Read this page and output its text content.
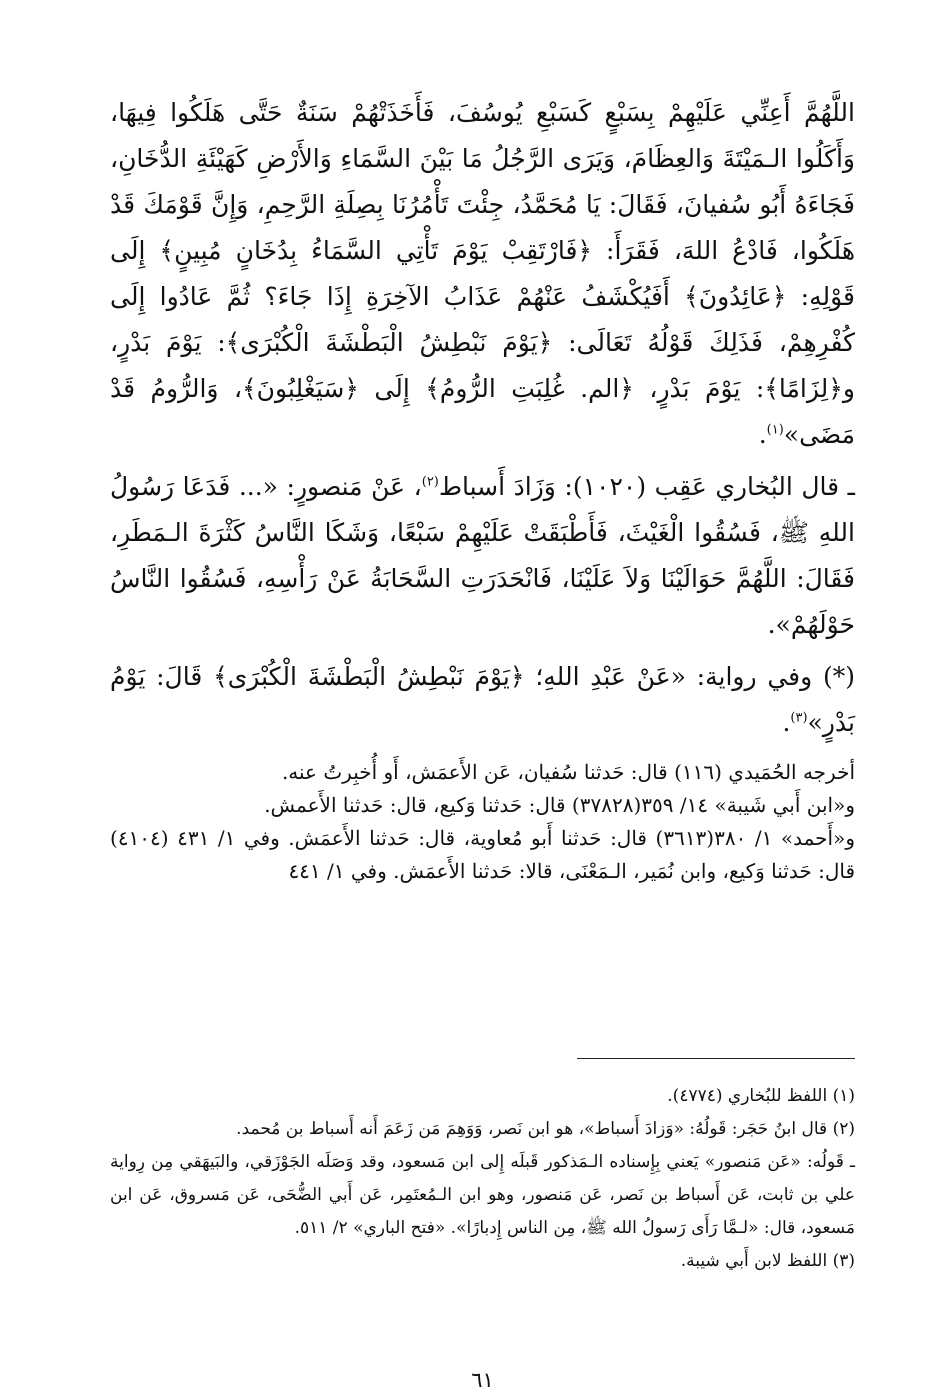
اللَّهُمَّ أَعِنِّي عَلَيْهِمْ بِسَبْعٍ كَسَبْعِ يُوسُفَ، فَأَخَذَتْهُمْ سَنَةٌ حَتَّى هَلَكُوا فِيهَا، وَأَكَلُوا الـمَيْتَةَ وَالعِظَامَ، وَيَرَى الرَّجُلُ مَا بَيْنَ السَّمَاءِ وَالأَرْضِ كَهَيْئَةِ الدُّخَانِ، فَجَاءَهُ أَبُو سُفيانَ، فَقَالَ: يَا مُحَمَّدُ، جِئْتَ تَأْمُرُنَا بِصِلَةِ الرَّحِمِ، وَإِنَّ قَوْمَكَ قَدْ هَلَكُوا، فَادْعُ اللهَ، فَقَرَأَ: ﴿فَارْتَقِبْ يَوْمَ تَأْتِي السَّمَاءُ بِدُخَانٍ مُبِينٍ﴾ إِلَى قَوْلِهِ: ﴿عَائِدُونَ﴾ أَفَيُكْشَفُ عَنْهُمْ عَذَابُ الآخِرَةِ إِذَا جَاءَ؟ ثُمَّ عَادُوا إِلَى كُفْرِهِمْ، فَذَلِكَ قَوْلُهُ تَعَالَى: ﴿يَوْمَ نَبْطِشُ الْبَطْشَةَ الْكُبْرَى﴾: يَوْمَ بَدْرٍ، و﴿لِزَامًا﴾: يَوْمَ بَدْرٍ، ﴿الم. غُلِبَتِ الرُّومُ﴾ إِلَى ﴿سَيَغْلِبُونَ﴾، وَالرُّومُ قَدْ مَضَى»$^{(١)}$.

ـ قال البُخاري عَقِب (١٠٢٠): وَزَادَ أَسباط$^{(٢)}$، عَنْ مَنصورٍ: «... فَدَعَا رَسُولُ اللهِ ﷺ، فَسُقُوا الْغَيْثَ، فَأَطْبَقَتْ عَلَيْهِمْ سَبْعًا، وَشَكَا النَّاسُ كَثْرَةَ الـمَطَرِ، فَقَالَ: اللَّهُمَّ حَوَالَيْنَا وَلاَ عَلَيْنَا، فَانْحَدَرَتِ السَّحَابَةُ عَنْ رَأْسِهِ، فَسُقُوا النَّاسُ حَوْلَهُمْ».

(*) وفي رواية: «عَنْ عَبْدِ اللهِ؛ ﴿يَوْمَ نَبْطِشُ الْبَطْشَةَ الْكُبْرَى﴾ قَالَ: يَوْمُ بَدْرٍ»$^{(٣)}$.

أخرجه الحُمَيدي (١١٦) قال: حَدثنا سُفيان، عَن الأَعمَش، أَو أُخبِرتُ عنه.

و«ابن أَبي شَيبة» ١٤/ ٣٥٩(٣٧٨٢٨) قال: حَدثنا وَكيع، قال: حَدثنا الأَعمش.

و«أَحمد» ١/ ٣٨٠(٣٦١٣) قال: حَدثنا أَبو مُعاوية، قال: حَدثنا الأَعمَش. وفي ١/ ٤٣١ (٤١٠٤) قال: حَدثنا وَكيع، وابن نُمَير، الـمَعْنَى، قالا: حَدثنا الأَعمَش. وفي ١/ ٤٤١

(١) اللفظ للبُخاري (٤٧٧٤).

(٢) قال ابنُ حَجَر: قَولُهُ: «وَزادَ أَسباط»، هو ابن نَصر، وَوَهِمَ مَن زَعَمَ أَنه أَسباط بن مُحمد.

ـ قَولُه: «عَن مَنصور» يَعني بِإِسناده الـمَذكور قَبلَه إِلى ابن مَسعود، وقد وَصَلَه الجَوْزَقي، والبَيهَقي مِن رِواية علي بن ثابت، عَن أَسباط بن نَصر، عَن مَنصور، وهو ابن الـمُعتَمِر، عَن أَبي الضُّحَى، عَن مَسروق، عَن ابن مَسعود، قال: «لـمَّا رَأَى رَسولُ الله ﷺ، مِن الناس إِدبارًا». «فتح الباري» ٢/ ٥١١.

(٣) اللفظ لابن أَبي شيبة.

٦١
